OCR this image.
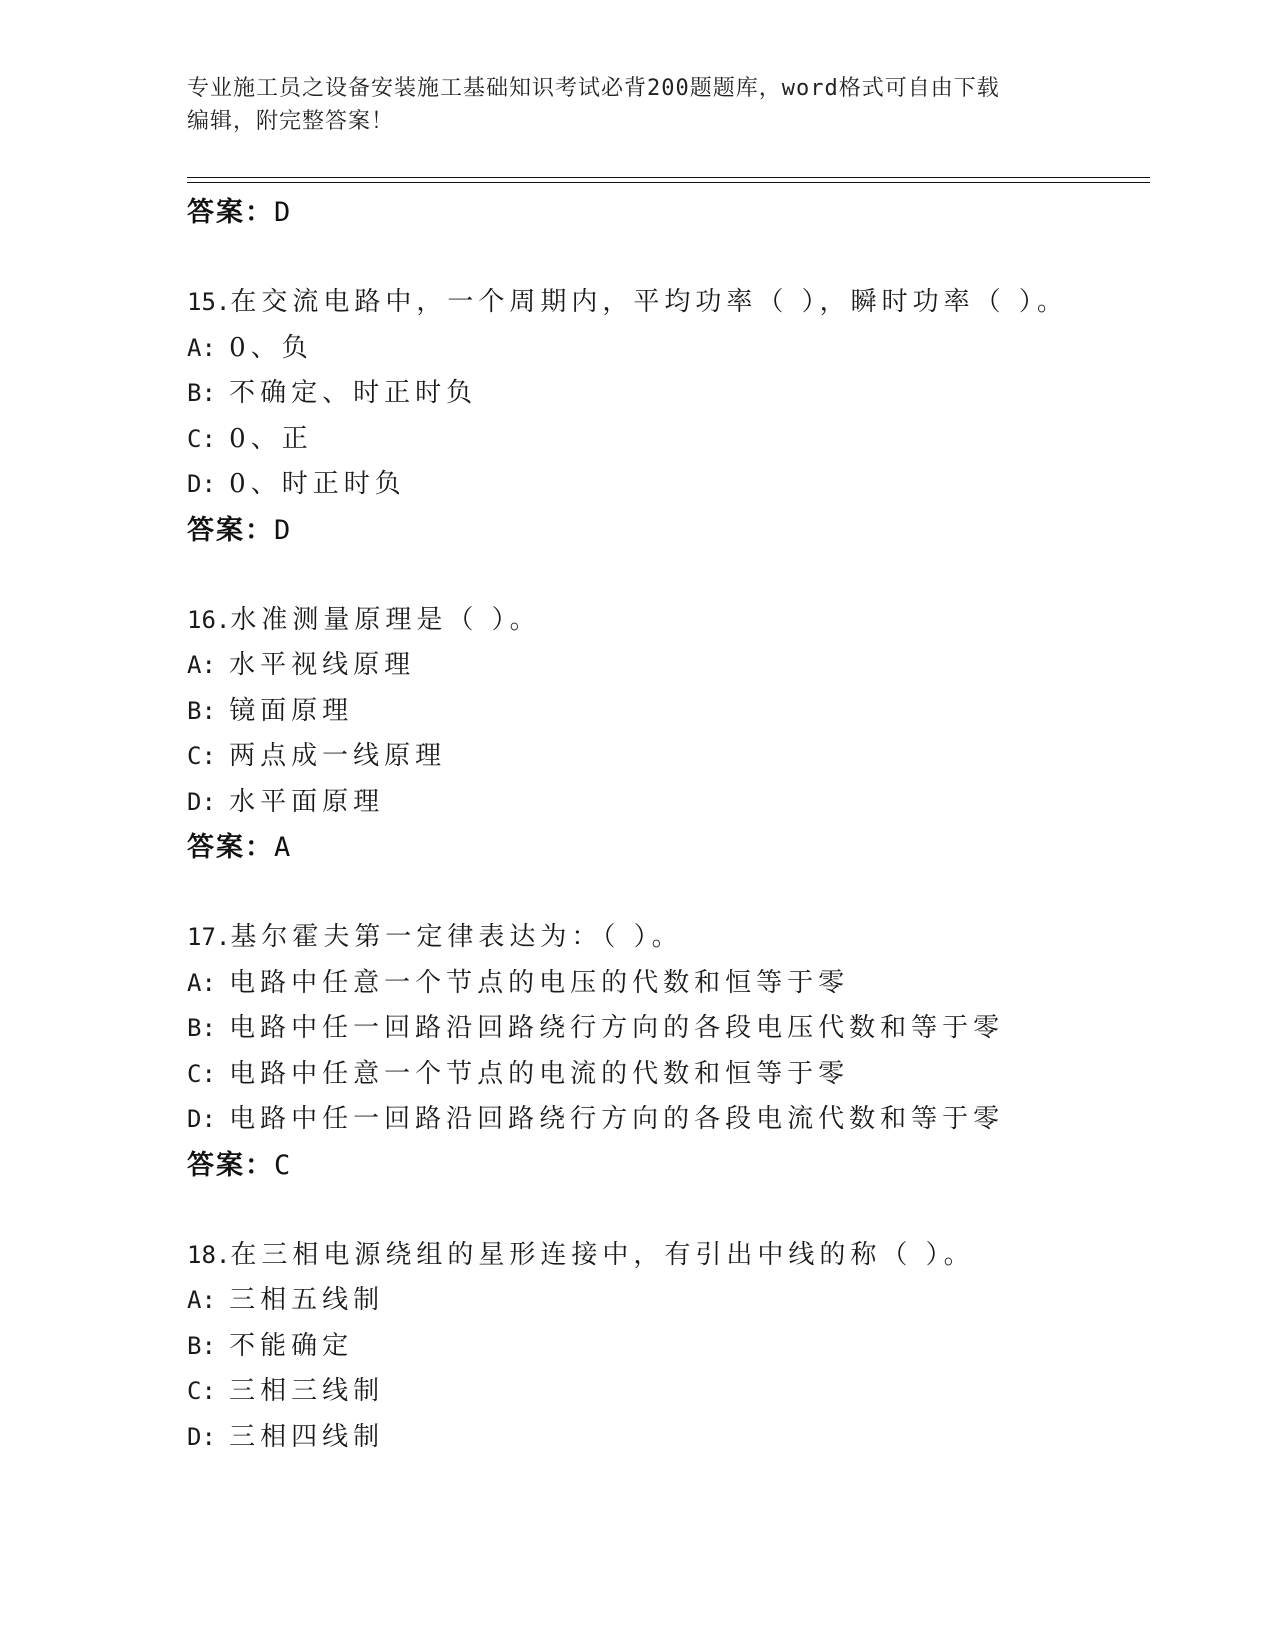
专业施工员之设备安装施工基础知识考试必背200题题库，word格式可自由下载
编辑，附完整答案！
答案：D
15.在交流电路中，一个周期内，平均功率（ ），瞬时功率（ ）。
A: 0、负
B: 不确定、时正时负
C: 0、正
D: 0、时正时负
答案：D
16.水准测量原理是（ ）。
A: 水平视线原理
B: 镜面原理
C: 两点成一线原理
D: 水平面原理
答案：A
17.基尔霍夫第一定律表达为：（ ）。
A: 电路中任意一个节点的电压的代数和恒等于零
B: 电路中任一回路沿回路绕行方向的各段电压代数和等于零
C: 电路中任意一个节点的电流的代数和恒等于零
D: 电路中任一回路沿回路绕行方向的各段电流代数和等于零
答案：C
18.在三相电源绕组的星形连接中，有引出中线的称（ ）。
A: 三相五线制
B: 不能确定
C: 三相三线制
D: 三相四线制
